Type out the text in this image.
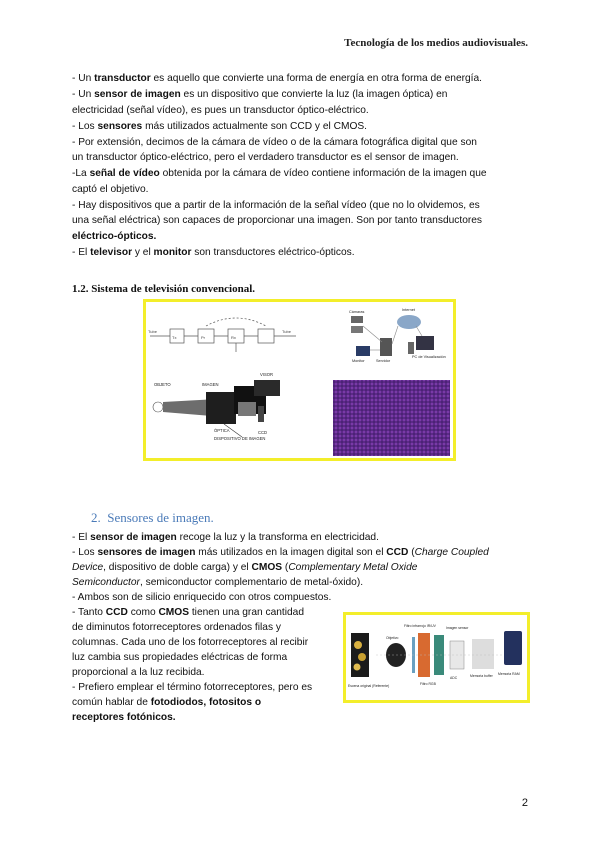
Tecnología de los medios audiovisuales.

- Un transductor es aquello que convierte una forma de energía en otra forma de energía.

- Un sensor de imagen es un dispositivo que convierte la luz (la imagen óptica) en

electricidad (señal vídeo), es pues un transductor óptico-eléctrico.

- Los sensores más utilizados actualmente son CCD y el CMOS.

- Por extensión, decimos de la cámara de vídeo o de la cámara fotográfica digital que son

un transductor óptico-eléctrico, pero el verdadero transductor es el sensor de imagen.

-La señal de vídeo obtenida por la cámara de vídeo contiene información de la imagen que

captó el objetivo.

- Hay dispositivos que a partir de la información de la señal vídeo (que no lo olvidemos, es

una señal eléctrica) son capaces de proporcionar una imagen. Son por tanto transductores

eléctrico-ópticos.

- El televisor y el monitor son transductores eléctrico-ópticos.

1.2. Sistema de televisión convencional.
Tube
Tx	Pr	Rx
Tube
OBJETO	IMAGEN
VISOR
ÓPTICA	CCD
DISPOSITIVO DE IMAGEN
Cámaras	Internet
Servidor
Monitor
PC de Visualización
2. Sensores de imagen.

- El sensor de imagen recoge la luz y la transforma en electricidad.

- Los sensores de imagen más utilizados en la imagen digital son el CCD (Charge Coupled

Device, dispositivo de doble carga) y el CMOS (Complementary Metal Oxide

Semiconductor, semiconductor complementario de metal-óxido).

- Ambos son de silicio enriquecido con otros compuestos.

- Tanto CCD como CMOS tienen una gran cantidad

de diminutos fotorreceptores ordenados filas y

columnas. Cada uno de los fotorreceptores al recibir

luz cambia sus propiedades eléctricas de forma

proporcional a la luz recibida.

- Prefiero emplear el término fotorreceptores, pero es

común hablar de fotodiodos, fotositos o

receptores fotónicos.

Escena original (Referente)
Objetivo
Filtro infrarrojo IR/UV
Filtro RGB
Imagen sensor
ADC	Memoria buffer Memoria RAM
2
